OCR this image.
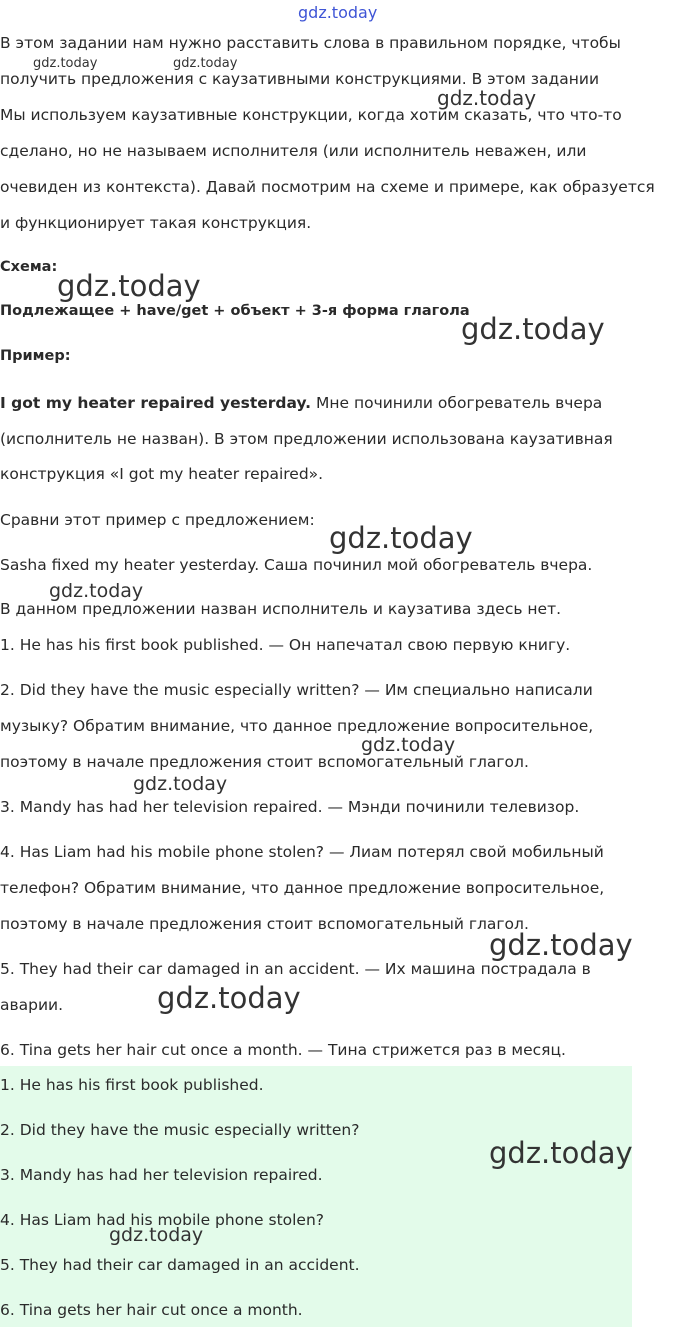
gdz.today
gdz.today	gdz.today
gdz.today
gdz.today
gdz.today
gdz.today
gdz.today
gdz.today
gdz.today
gdz.today
gdz.today
gdz.today
gdz.today
В этом задании нам нужно расставить слова в правильном порядке, чтобы
получить предложения с каузативными конструкциями. В этом задании
Мы используем каузативные конструкции, когда хотим сказать, что что-то
сделано, но не называем исполнителя (или исполнитель неважен, или
очевиден из контекста). Давай посмотрим на схеме и примере, как образуется
и функционирует такая конструкция.
Схема:
Подлежащее + have/get + объект + 3-я форма глагола
Пример:
I got my heater repaired yesterday. Мне починили обогреватель вчера
(исполнитель не назван). В этом предложении использована каузативная
конструкция «I got my heater repaired».
Сравни этот пример с предложением:
Sasha fixed my heater yesterday. Саша починил мой обогреватель вчера.
В данном предложении назван исполнитель и каузатива здесь нет.
1. He has his first book published. — Он напечатал свою первую книгу.
2. Did they have the music especially written? — Им специально написали
музыку? Обратим внимание, что данное предложение вопросительное,
поэтому в начале предложения стоит вспомогательный глагол.
3. Mandy has had her television repaired. — Мэнди починили телевизор.
4. Has Liam had his mobile phone stolen? — Лиам потерял свой мобильный
телефон? Обратим внимание, что данное предложение вопросительное,
поэтому в начале предложения стоит вспомогательный глагол.
5. They had their car damaged in an accident. — Их машина пострадала в
аварии.
6. Tina gets her hair cut once a month. — Тина стрижется раз в месяц.
1. He has his first book published.
2. Did they have the music especially written?
3. Mandy has had her television repaired.
4. Has Liam had his mobile phone stolen?
5. They had their car damaged in an accident.
6. Tina gets her hair cut once a month.
